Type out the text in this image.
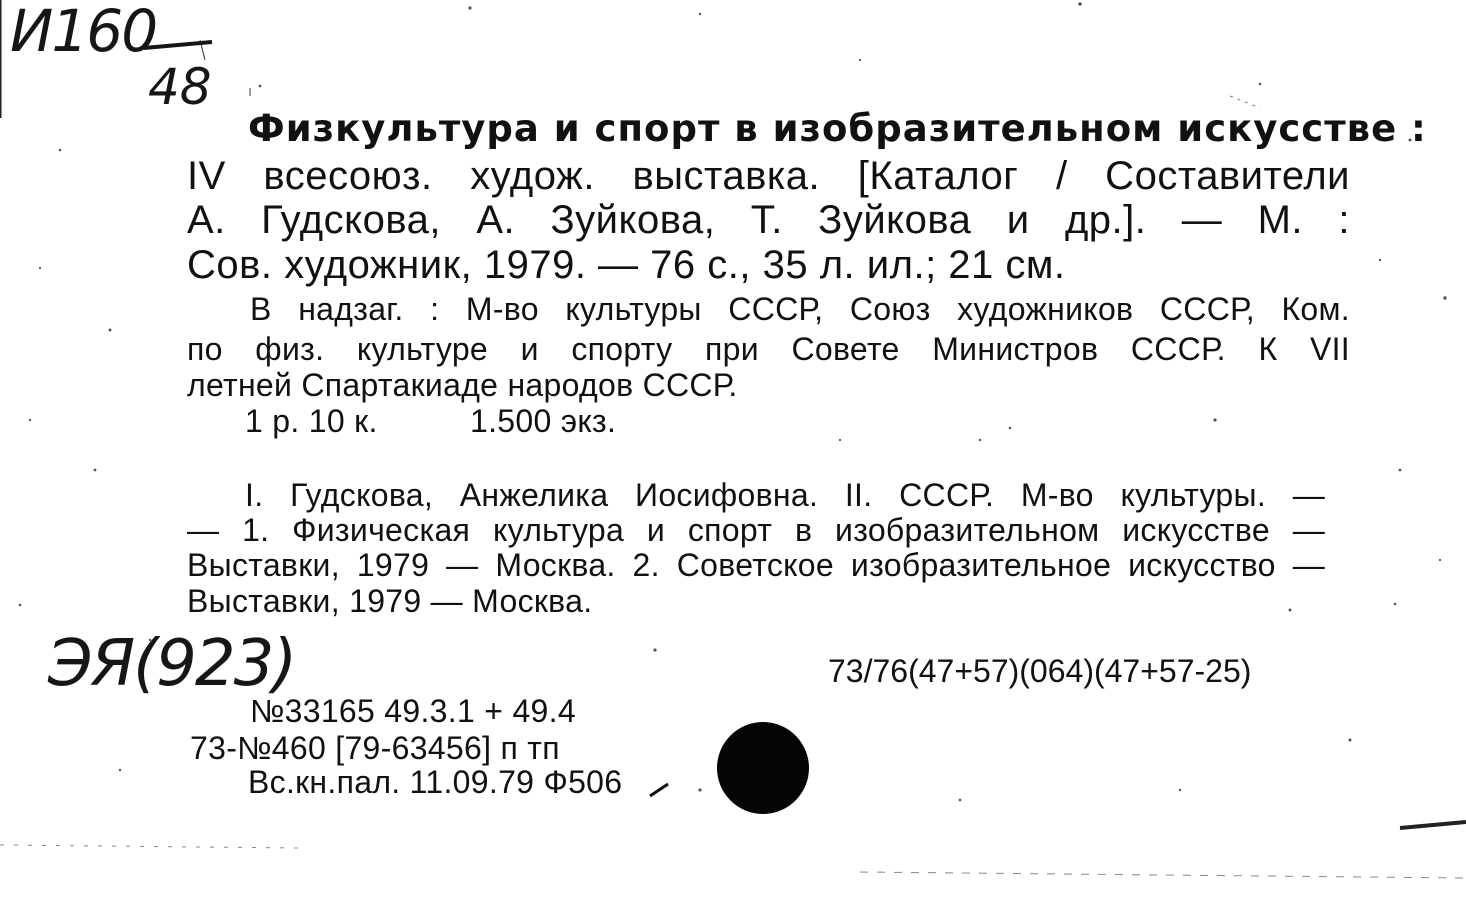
И160
48
Физкультура и спорт в изобразительном искусстве :
IV всесоюз. худож. выставка. [Каталог / Составители
А. Гудскова, А. Зуйкова, Т. Зуйкова и др.]. — М. :
Сов. художник, 1979. — 76 с., 35 л. ил.; 21 см.
В надзаг. : М-во культуры СССР, Союз художников СССР, Ком.
по физ. культуре и спорту при Совете Министров СССР. К VII
летней Спартакиаде народов СССР.
1 р. 10 к.	1.500 экз.
I. Гудскова, Анжелика Иосифовна. II. СССР. М-во культуры. —
— 1. Физическая культура и спорт в изобразительном искусстве —
Выставки, 1979 — Москва. 2. Советское изобразительное искусство —
Выставки, 1979 — Москва.
ЭЯ(923)	73/76(47+57)(064)(47+57-25)
№33165 49.3.1 + 49.4
73-№460 [79-63456] п тп
Вс.кн.пал. 11.09.79 Ф506
